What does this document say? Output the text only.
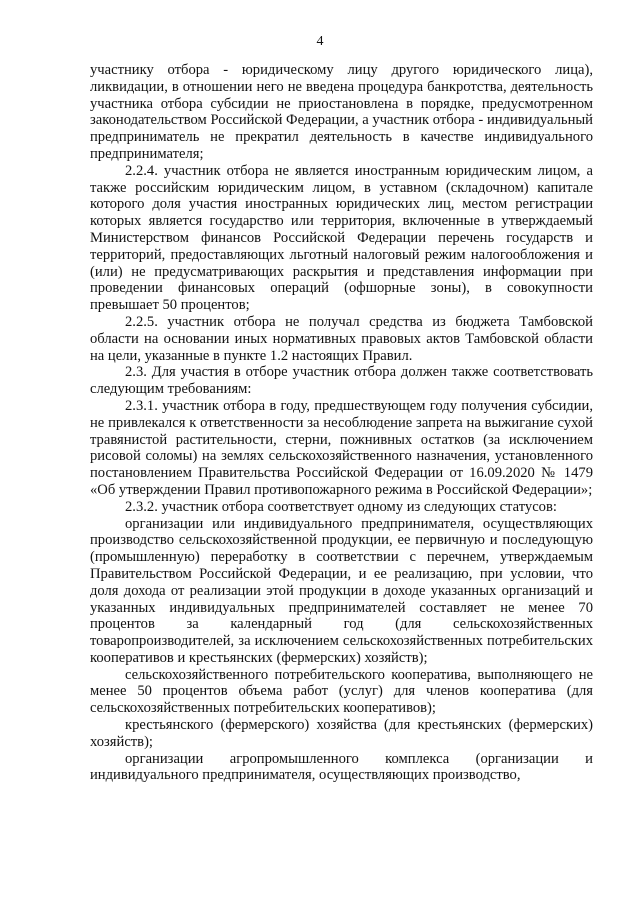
4

участнику отбора - юридическому лицу другого юридического лица), ликвидации, в отношении него не введена процедура банкротства, деятельность участника отбора субсидии не приостановлена в порядке, предусмотренном законодательством Российской Федерации, а участник отбора - индивидуальный предприниматель не прекратил деятельность в качестве индивидуального предпринимателя;

2.2.4. участник отбора не является иностранным юридическим лицом, а также российским юридическим лицом, в уставном (складочном) капитале которого доля участия иностранных юридических лиц, местом регистрации которых является государство или территория, включенные в утверждаемый Министерством финансов Российской Федерации перечень государств и территорий, предоставляющих льготный налоговый режим налогообложения и (или) не предусматривающих раскрытия и представления информации при проведении финансовых операций (офшорные зоны), в совокупности превышает 50 процентов;

2.2.5. участник отбора не получал средства из бюджета Тамбовской области на основании иных нормативных правовых актов Тамбовской области на цели, указанные в пункте 1.2 настоящих Правил.

2.3. Для участия в отборе участник отбора должен также соответствовать следующим требованиям:

2.3.1. участник отбора в году, предшествующем году получения субсидии, не привлекался к ответственности за несоблюдение запрета на выжигание сухой травянистой растительности, стерни, пожнивных остатков (за исключением рисовой соломы) на землях сельскохозяйственного назначения, установленного постановлением Правительства Российской Федерации от 16.09.2020 № 1479 «Об утверждении Правил противопожарного режима в Российской Федерации»;

2.3.2. участник отбора соответствует одному из следующих статусов:

организации или индивидуального предпринимателя, осуществляющих производство сельскохозяйственной продукции, ее первичную и последующую (промышленную) переработку в соответствии с перечнем, утверждаемым Правительством Российской Федерации, и ее реализацию, при условии, что доля дохода от реализации этой продукции в доходе указанных организаций и указанных индивидуальных предпринимателей составляет не менее 70 процентов за календарный год (для сельскохозяйственных товаропроизводителей, за исключением сельскохозяйственных потребительских кооперативов и крестьянских (фермерских) хозяйств);

сельскохозяйственного потребительского кооператива, выполняющего не менее 50 процентов объема работ (услуг) для членов кооператива (для сельскохозяйственных потребительских кооперативов);

крестьянского (фермерского) хозяйства (для крестьянских (фермерских) хозяйств);

организации агропромышленного комплекса (организации и индивидуального предпринимателя, осуществляющих производство,
